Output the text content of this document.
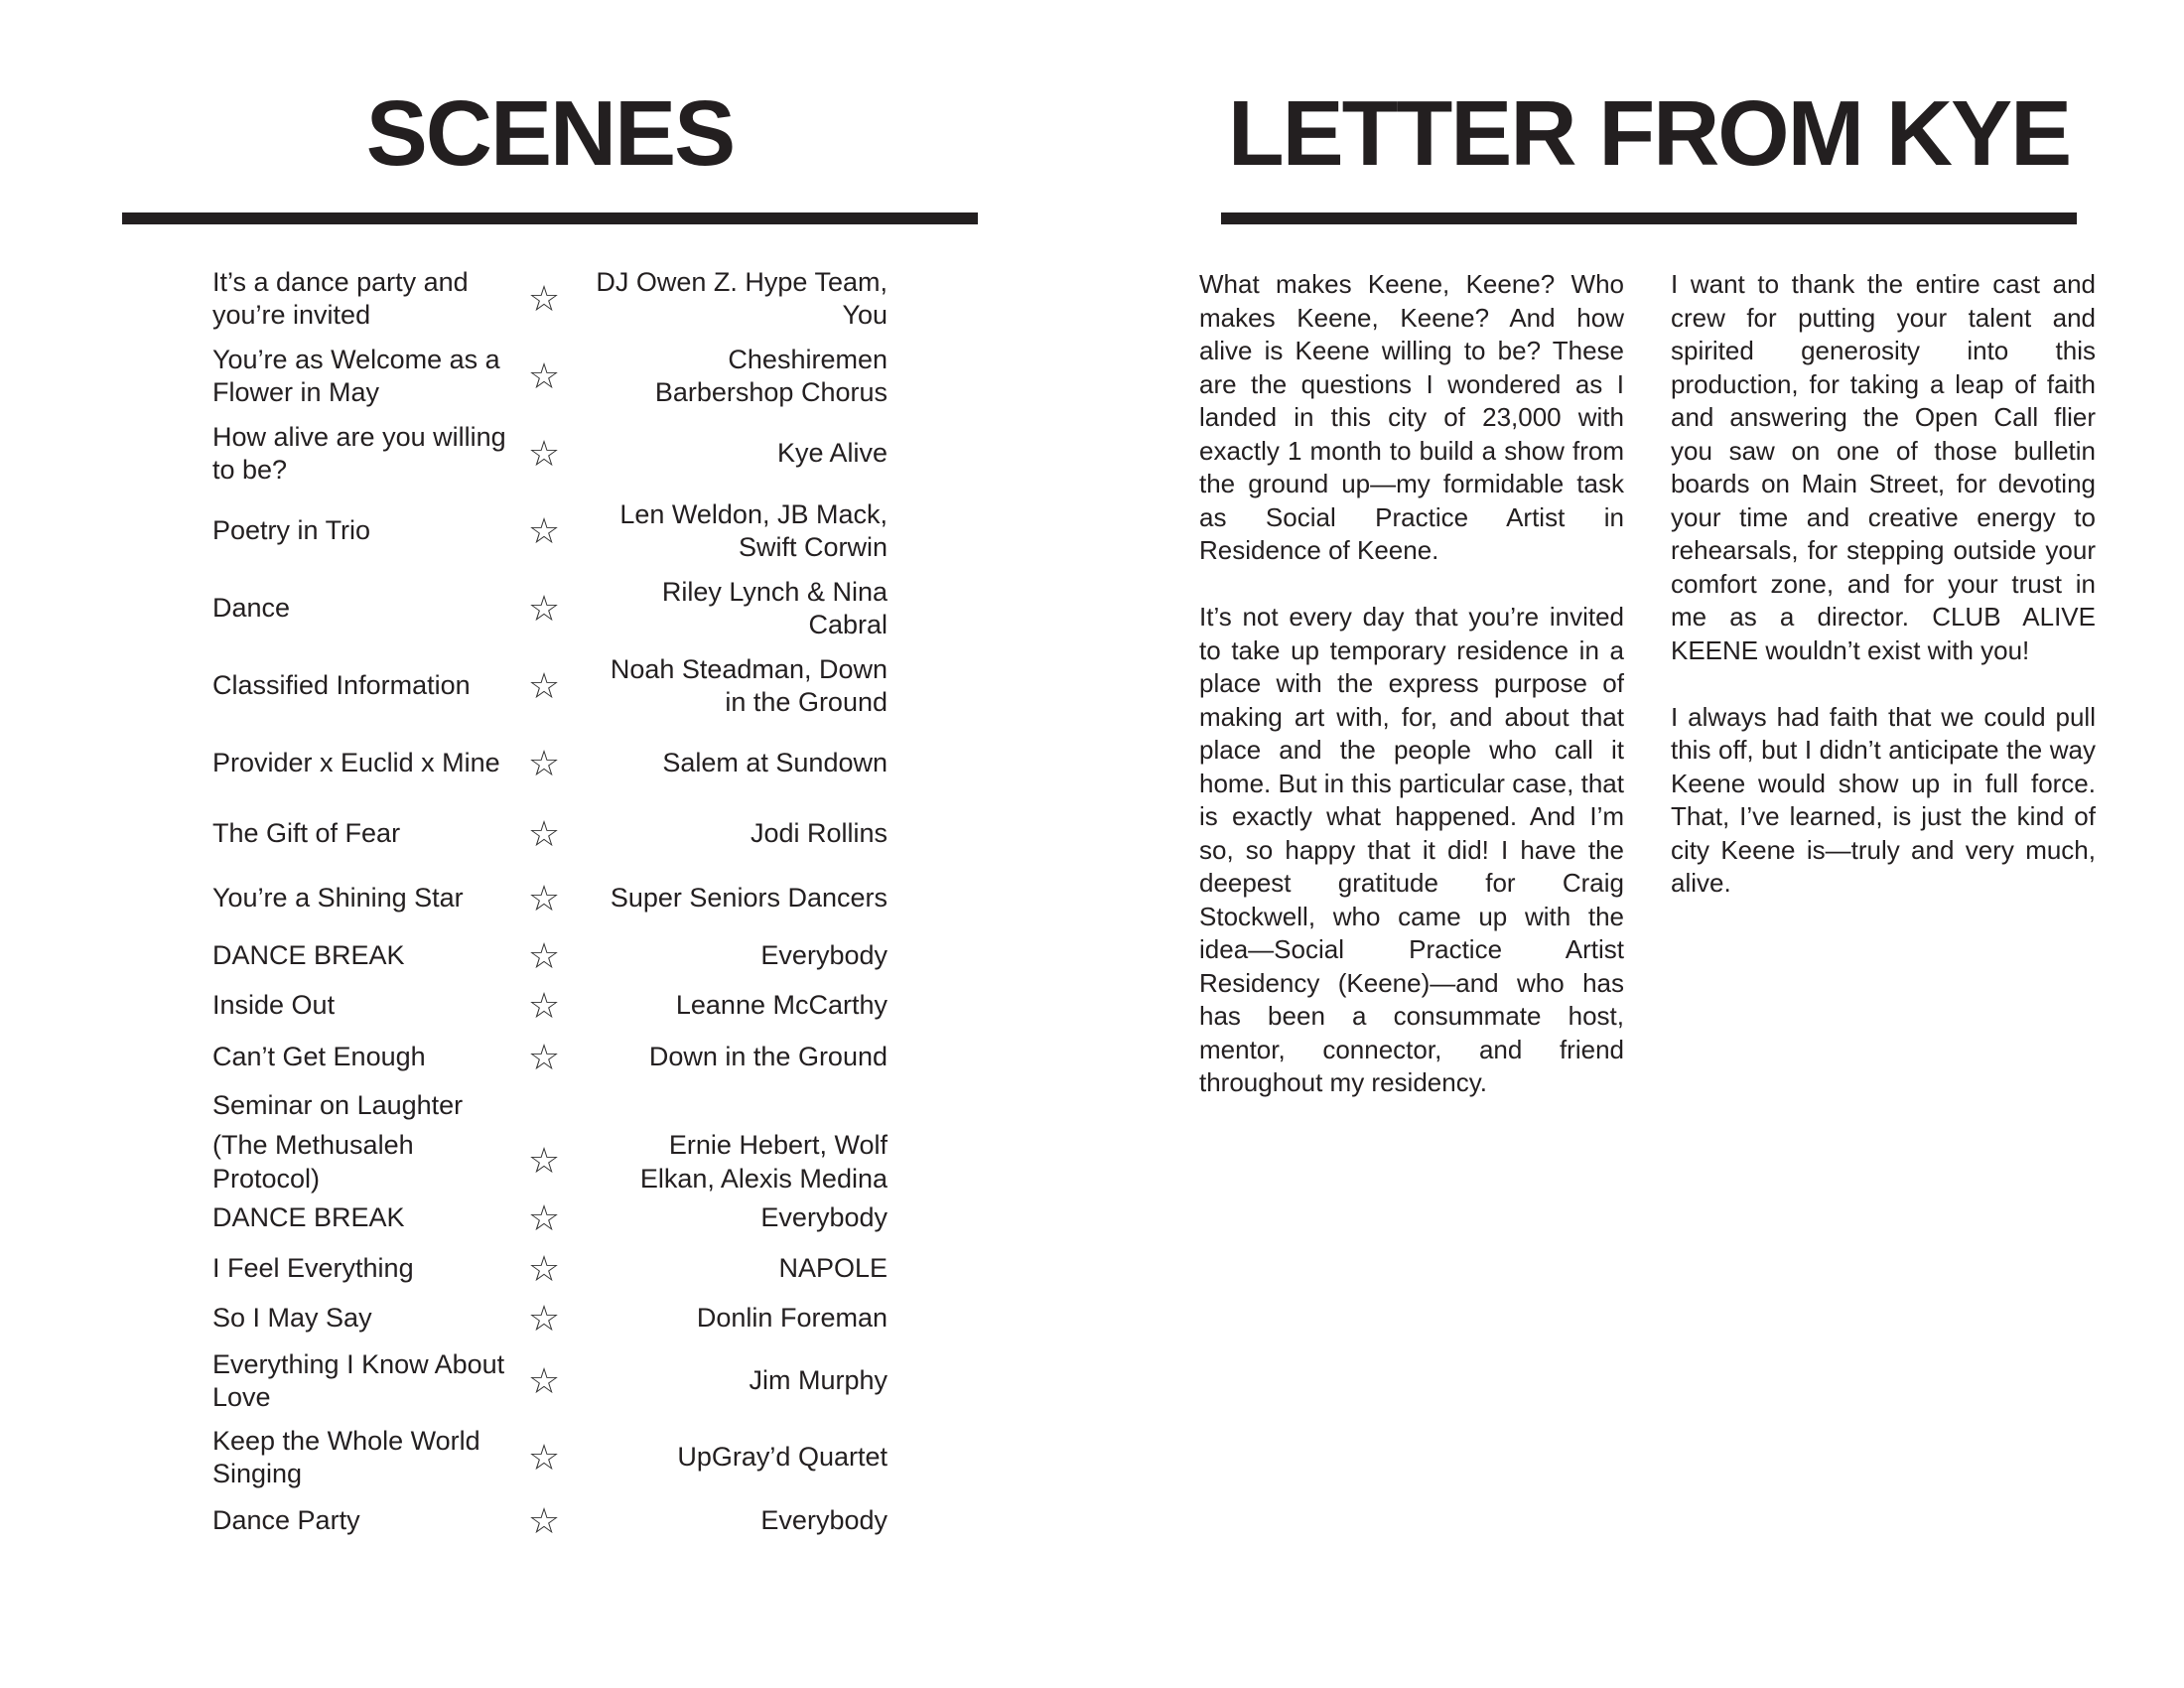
SCENES
It’s a dance party and you’re invited	☆ DJ Owen Z. Hype Team, You
You’re as Welcome as a Flower in May	☆	Cheshiremen Barbershop Chorus
How alive are you willing to be?	☆	Kye Alive
Poetry in Trio	☆	Len Weldon, JB Mack, Swift Corwin
Dance	☆	Riley Lynch & Nina Cabral
Classified Information	☆	Noah Steadman, Down in the Ground
Provider x Euclid x Mine ☆	Salem at Sundown
The Gift of Fear	☆	Jodi Rollins
You’re a Shining Star	☆	Super Seniors Dancers
DANCE BREAK	☆	Everybody
Inside Out	☆	Leanne McCarthy
Can’t Get Enough	☆	Down in the Ground
Seminar on Laughter
(The Methusaleh Protocol)	☆	Ernie Hebert, Wolf Elkan, Alexis Medina
DANCE BREAK	☆	Everybody
I Feel Everything	☆	NAPOLE
So I May Say	☆	Donlin Foreman
Everything I Know About Love	☆	Jim Murphy
Keep the Whole World Singing	☆	UpGray’d Quartet
Dance Party	☆	Everybody
LETTER FROM KYE

What makes Keene, Keene? Who makes Keene, Keene? And how alive is Keene willing to be? These are the questions I wondered as I landed in this city of 23,000 with exactly 1 month to build a show from the ground up—my formidable task as Social Practice Artist in Residence of Keene.

It’s not every day that you’re invited to take up temporary residence in a place with the express purpose of making art with, for, and about that place and the people who call it home. But in this particular case, that is exactly what happened. And I’m so, so happy that it did! I have the deepest gratitude for Craig Stockwell, who came up with the idea—Social Practice Artist Residency (Keene)—and who has has been a consummate host, mentor, connector, and friend throughout my residency.

I want to thank the entire cast and crew for putting your talent and spirited generosity into this production, for taking a leap of faith and answering the Open Call flier you saw on one of those bulletin boards on Main Street, for devoting your time and creative energy to rehearsals, for stepping outside your comfort zone, and for your trust in me as a director. CLUB ALIVE KEENE wouldn’t exist with you!

I always had faith that we could pull this off, but I didn’t anticipate the way Keene would show up in full force. That, I’ve learned, is just the kind of city Keene is—truly and very much, alive.
